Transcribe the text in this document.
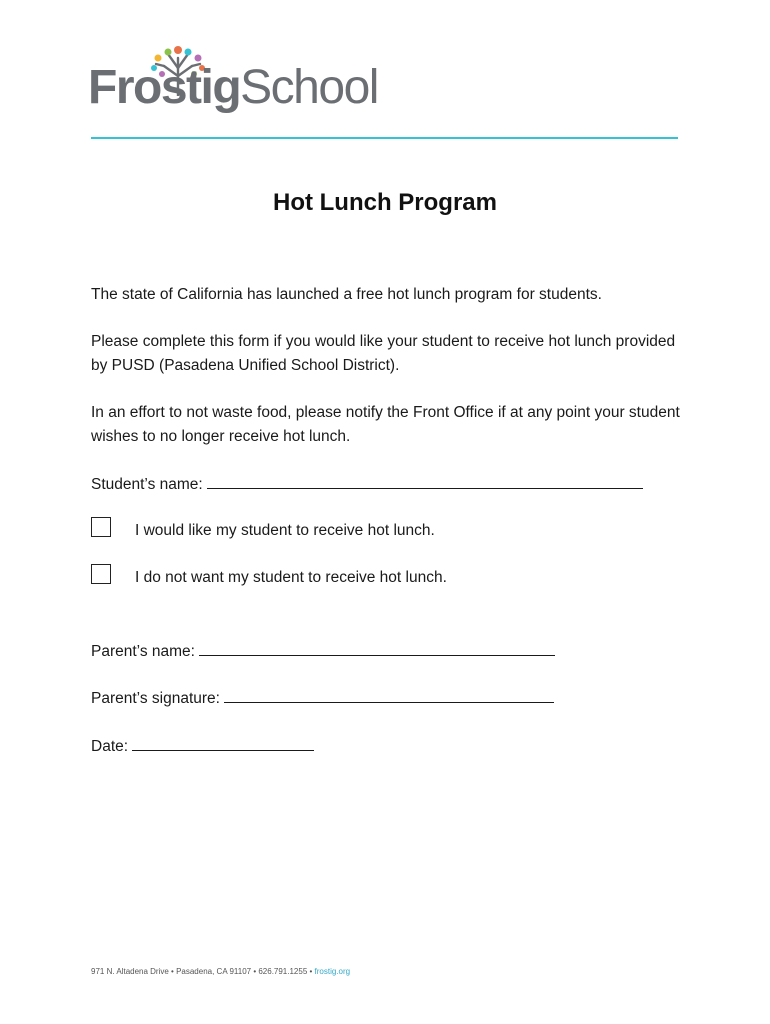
FrostigSchool
Hot Lunch Program
The state of California has launched a free hot lunch program for students.
Please complete this form if you would like your student to receive hot lunch provided by PUSD (Pasadena Unified School District).
In an effort to not waste food, please notify the Front Office if at any point your student wishes to no longer receive hot lunch.
Student’s name:
I would like my student to receive hot lunch.
I do not want my student to receive hot lunch.
Parent’s name:
Parent’s signature:
Date:
971 N. Altadena Drive • Pasadena, CA 91107 • 626.791.1255 • frostig.org
